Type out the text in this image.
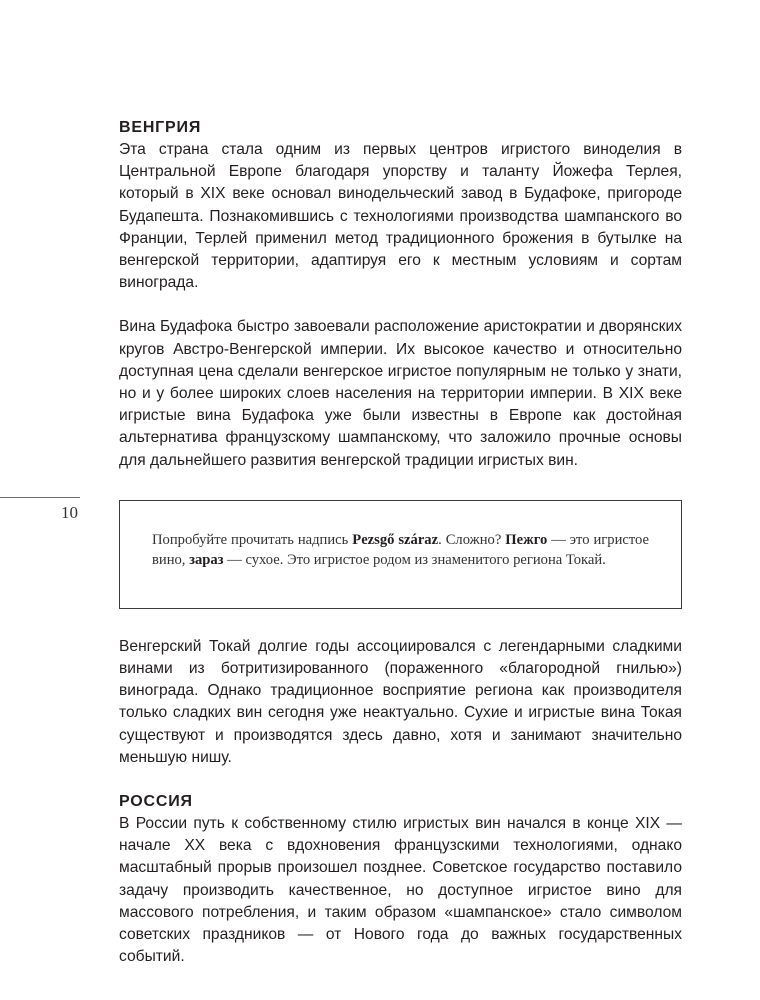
ВЕНГРИЯ

Эта страна стала одним из первых центров игристого виноделия в Центральной Европе благодаря упорству и таланту Йожефа Терлея, который в XIX веке основал винодельческий завод в Будафоке, пригороде Будапешта. Познакомившись с технологиями производства шампанского во Франции, Терлей применил метод традиционного брожения в бутылке на венгерской территории, адаптируя его к местным условиям и сортам винограда.

Вина Будафока быстро завоевали расположение аристократии и дворянских кругов Австро-Венгерской империи. Их высокое качество и относительно доступная цена сделали венгерское игристое популярным не только у знати, но и у более широких слоев населения на территории империи. В XIX веке игристые вина Будафока уже были известны в Европе как достойная альтернатива французскому шампанскому, что заложило прочные основы для дальнейшего развития венгерской традиции игристых вин.

Попробуйте прочитать надпись Pezsgő száraz. Сложно? Пежго — это игристое вино, зараз — сухое. Это игристое родом из знаменитого региона Токай.

Венгерский Токай долгие годы ассоциировался с легендарными сладкими винами из ботритизированного (пораженного «благородной гнилью») винограда. Однако традиционное восприятие региона как производителя только сладких вин сегодня уже неактуально. Сухие и игристые вина Токая существуют и производятся здесь давно, хотя и занимают значительно меньшую нишу.

РОССИЯ

В России путь к собственному стилю игристых вин начался в конце XIX — начале XX века с вдохновения французскими технологиями, однако масштабный прорыв произошел позднее. Советское государство поставило задачу производить качественное, но доступное игристое вино для массового потребления, и таким образом «шампанское» стало символом советских праздников — от Нового года до важных государственных событий.

10
